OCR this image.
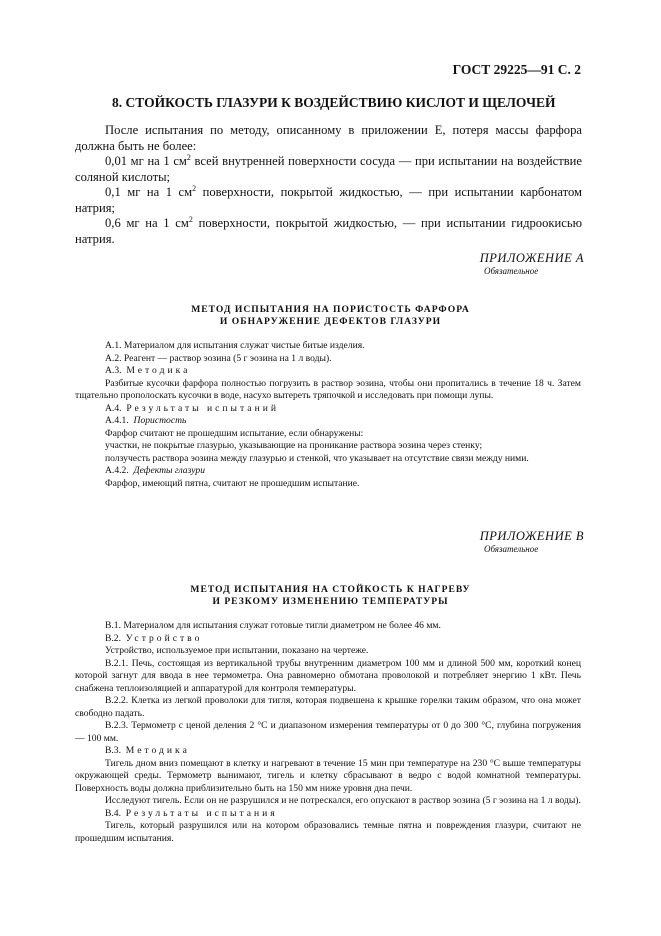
ГОСТ 29225—91 С. 2
8. СТОЙКОСТЬ ГЛАЗУРИ К ВОЗДЕЙСТВИЮ КИСЛОТ И ЩЕЛОЧЕЙ

После испытания по методу, описанному в приложении Е, потеря массы фарфора должна быть не более:

0,01 мг на 1 $см^2$ всей внутренней поверхности сосуда — при испытании на воздействие соляной кислоты;

0,1 мг на 1 $см^2$ поверхности, покрытой жидкостью, — при испытании карбонатом натрия;

0,6 мг на 1 $см^2$ поверхности, покрытой жидкостью, — при испытании гидроокисью натрия.

ПРИЛОЖЕНИЕ А
Обязательное
МЕТОД ИСПЫТАНИЯ НА ПОРИСТОСТЬ ФАРФОРА
И ОБНАРУЖЕНИЕ ДЕФЕКТОВ ГЛАЗУРИ

А.1. Материалом для испытания служат чистые битые изделия.

А.2. Реагент — раствор эозина (5 г эозина на 1 л воды).

А.3. Методика

Разбитые кусочки фарфора полностью погрузить в раствор эозина, чтобы они пропитались в течение 18 ч. Затем тщательно прополоскать кусочки в воде, насухо вытереть тряпочкой и исследовать при помощи лупы.

А.4. Результаты испытаний

А.4.1. Пористость

Фарфор считают не прошедшим испытание, если обнаружены:

участки, не покрытые глазурью, указывающие на проникание раствора эозина через стенку;

ползучесть раствора эозина между глазурью и стенкой, что указывает на отсутствие связи между ними.

А.4.2. Дефекты глазури

Фарфор, имеющий пятна, считают не прошедшим испытание.

ПРИЛОЖЕНИЕ В
Обязательное
МЕТОД ИСПЫТАНИЯ НА СТОЙКОСТЬ К НАГРЕВУ
И РЕЗКОМУ ИЗМЕНЕНИЮ ТЕМПЕРАТУРЫ

В.1. Материалом для испытания служат готовые тигли диаметром не более 46 мм.

В.2. Устройство

Устройство, используемое при испытании, показано на чертеже.

В.2.1. Печь, состоящая из вертикальной трубы внутренним диаметром 100 мм и длиной 500 мм, короткий конец которой загнут для ввода в нее термометра. Она равномерно обмотана проволокой и потребляет энергию 1 кВт. Печь снабжена теплоизоляцией и аппаратурой для контроля температуры.

В.2.2. Клетка из легкой проволоки для тигля, которая подвешена к крышке горелки таким образом, что она может свободно падать.

В.2.3. Термометр с ценой деления 2 °С и диапазоном измерения температуры от 0 до 300 °С, глубина погружения — 100 мм.

В.3. Методика

Тигель дном вниз помещают в клетку и нагревают в течение 15 мин при температуре на 230 °С выше температуры окружающей среды. Термометр вынимают, тигель и клетку сбрасывают в ведро с водой комнатной температуры. Поверхность воды должна приблизительно быть на 150 мм ниже уровня дна печи.

Исследуют тигель. Если он не разрушился и не потрескался, его опускают в раствор эозина (5 г эозина на 1 л воды).

В.4. Результаты испытания

Тигель, который разрушился или на котором образовались темные пятна и повреждения глазури, считают не прошедшим испытания.
